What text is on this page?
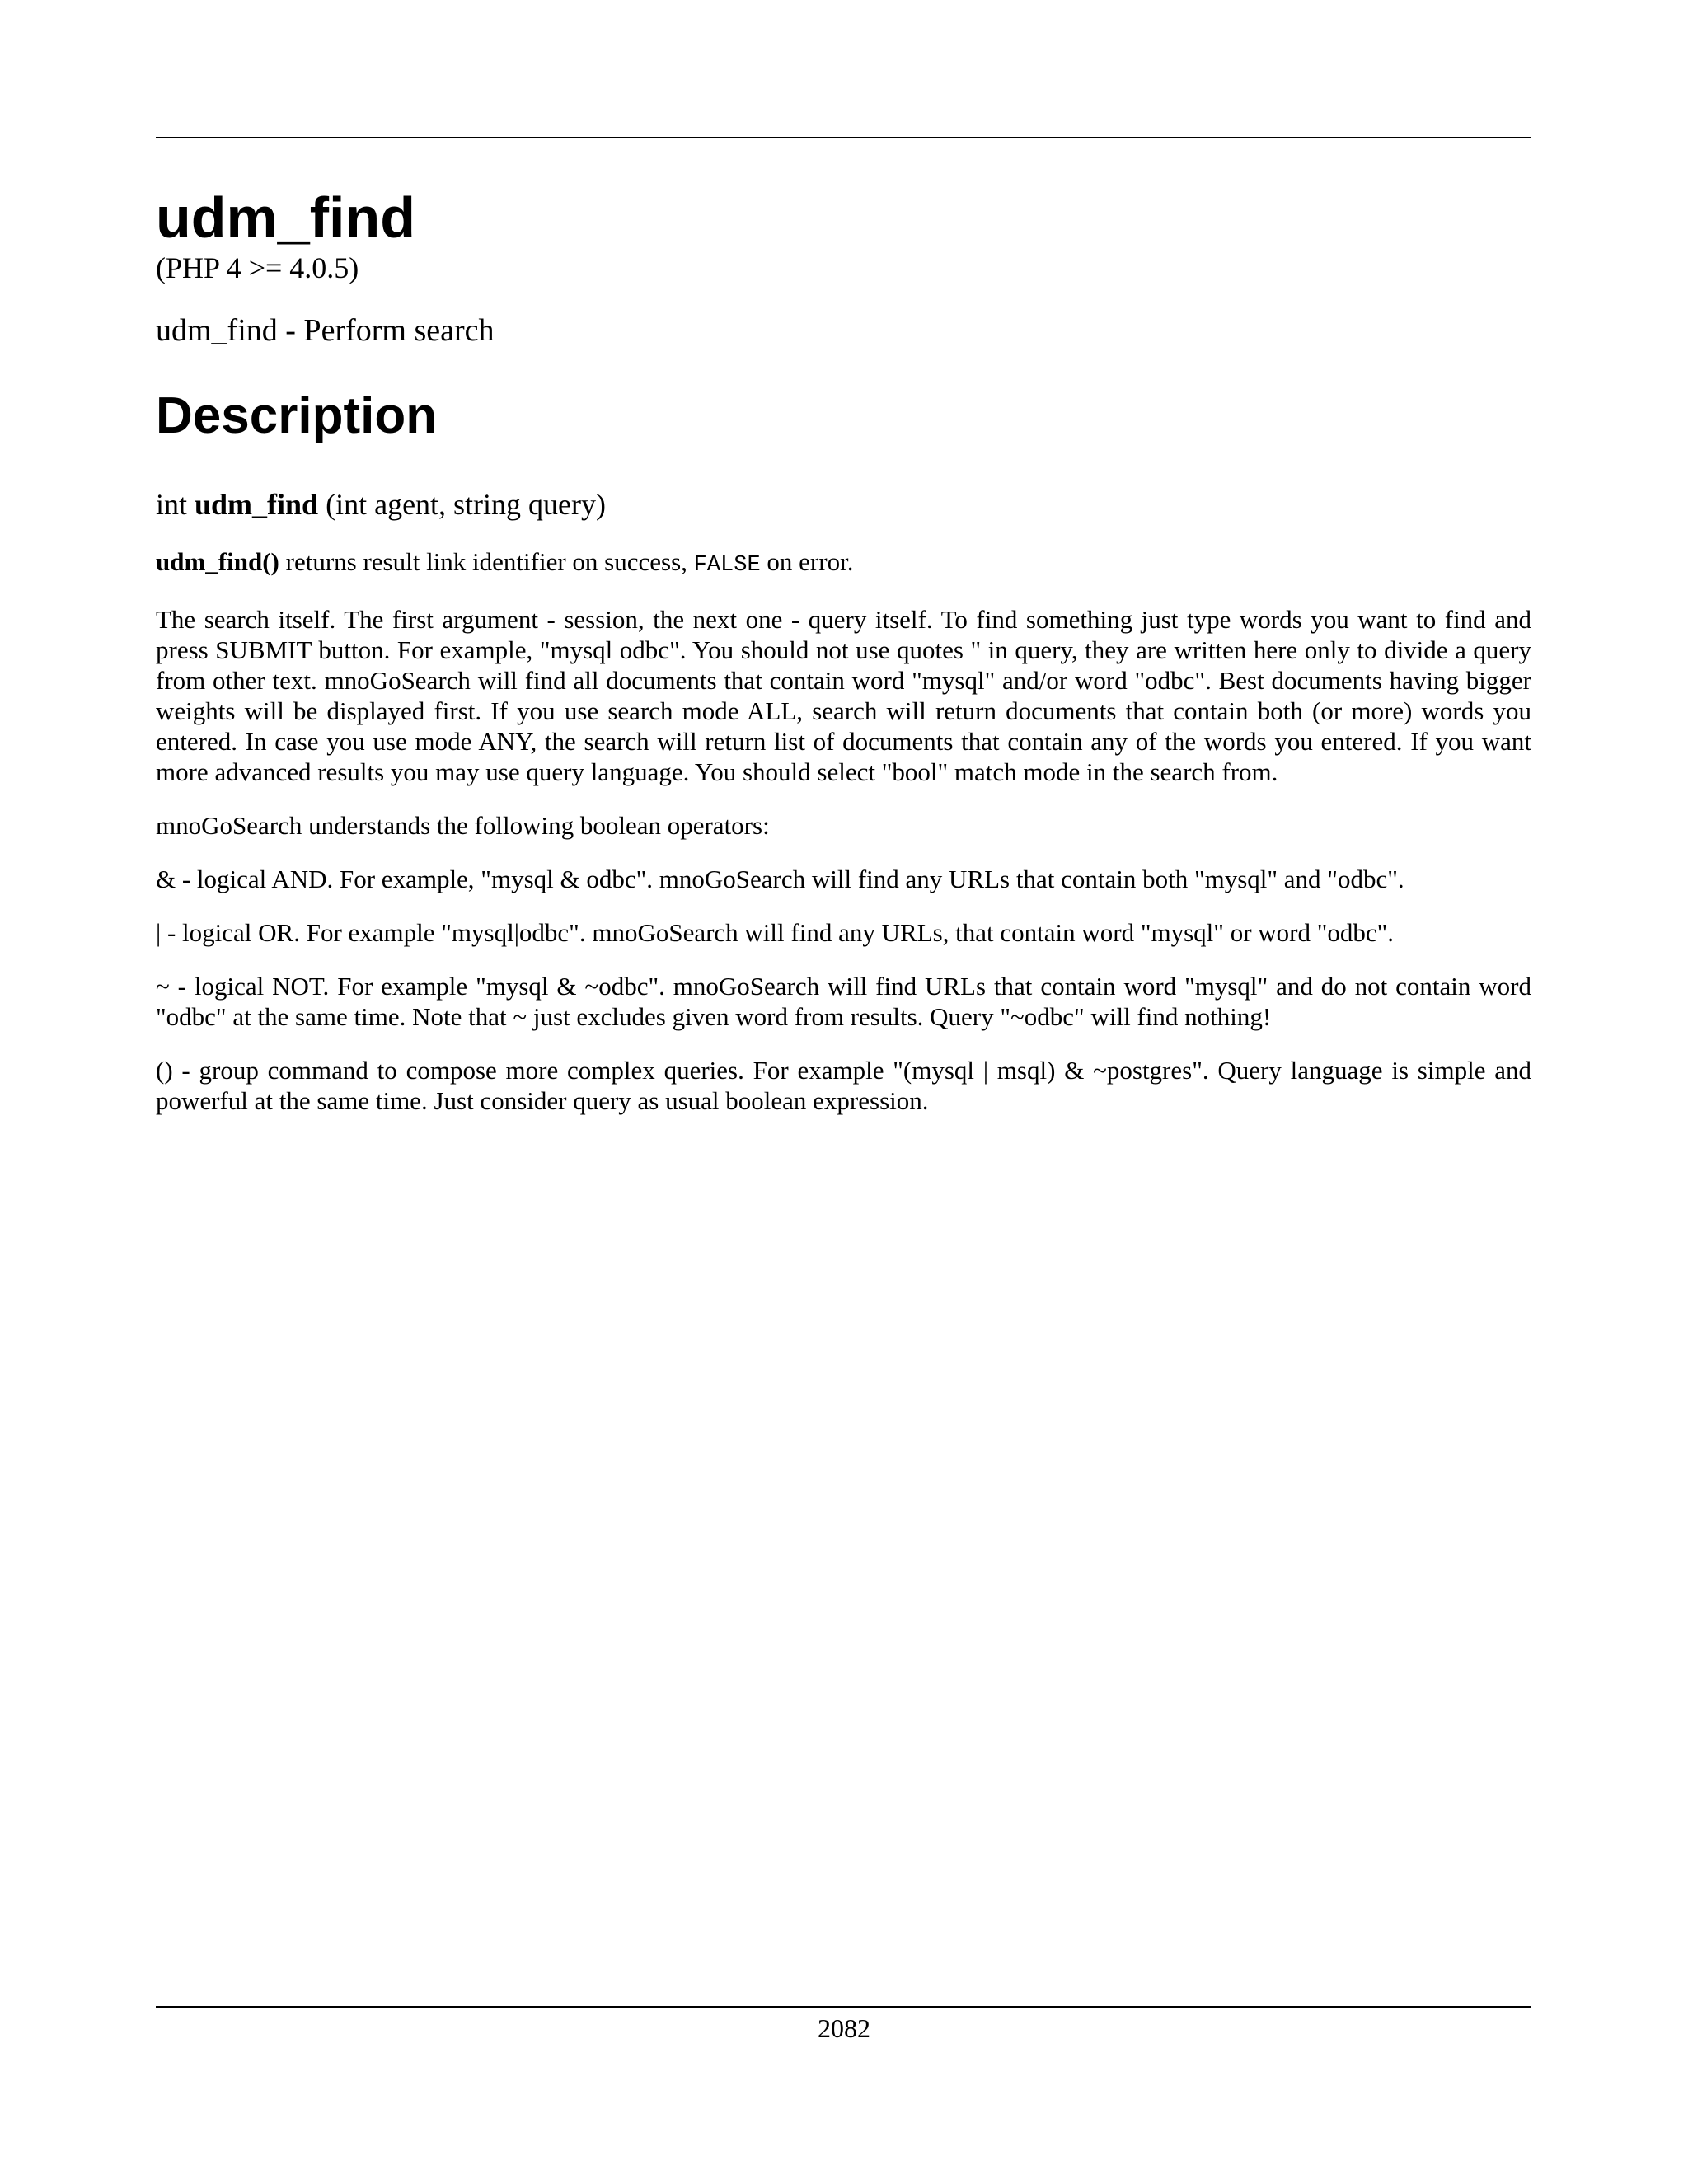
udm_find

(PHP 4 >= 4.0.5)

udm_find - Perform search

Description

int udm_find (int agent, string query)

udm_find() returns result link identifier on success, FALSE on error.

The search itself. The first argument - session, the next one - query itself. To find something just type words you want to find and press SUBMIT button. For example, "mysql odbc". You should not use quotes " in query, they are written here only to divide a query from other text. mnoGoSearch will find all documents that contain word "mysql" and/or word "odbc". Best documents having bigger weights will be displayed first. If you use search mode ALL, search will return documents that contain both (or more) words you entered. In case you use mode ANY, the search will return list of documents that contain any of the words you entered. If you want more advanced results you may use query language. You should select "bool" match mode in the search from.

mnoGoSearch understands the following boolean operators:

& - logical AND. For example, "mysql & odbc". mnoGoSearch will find any URLs that contain both "mysql" and "odbc".

| - logical OR. For example "mysql|odbc". mnoGoSearch will find any URLs, that contain word "mysql" or word "odbc".

~ - logical NOT. For example "mysql & ~odbc". mnoGoSearch will find URLs that contain word "mysql" and do not contain word "odbc" at the same time. Note that ~ just excludes given word from results. Query "~odbc" will find nothing!

() - group command to compose more complex queries. For example "(mysql | msql) & ~postgres". Query language is simple and powerful at the same time. Just consider query as usual boolean expression.

2082
